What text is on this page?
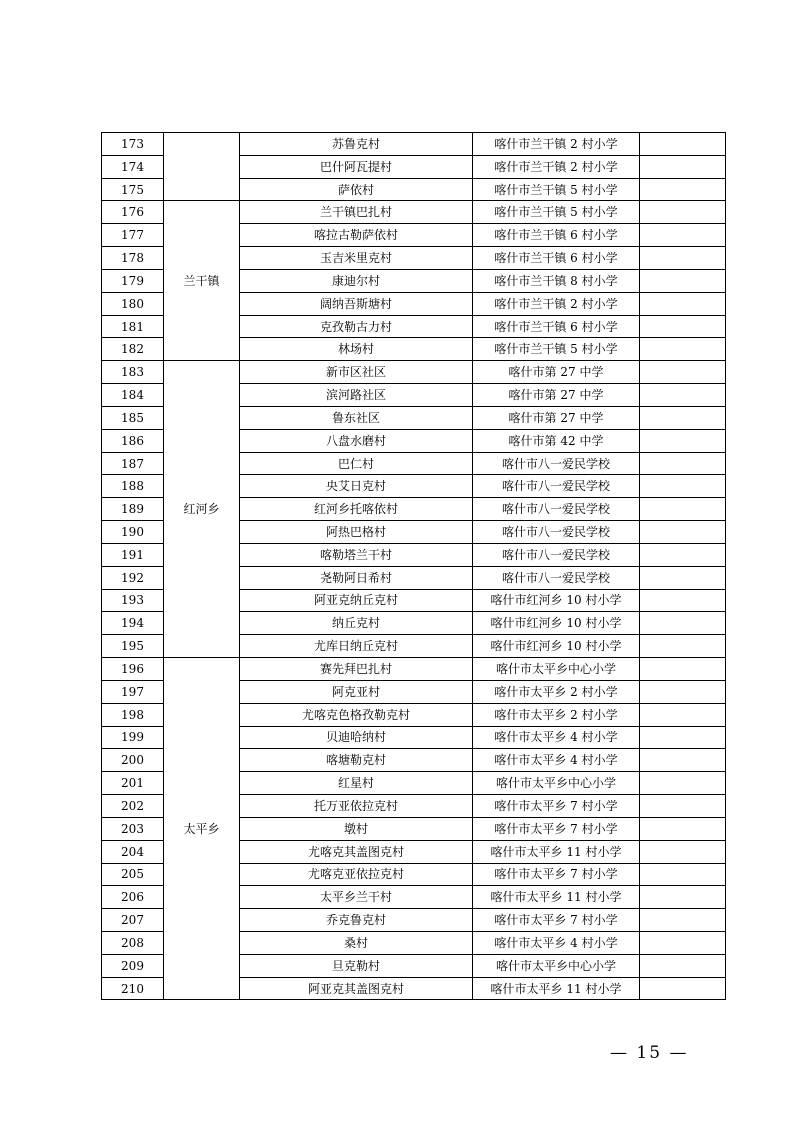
173		苏鲁克村	喀什市兰干镇 2 村小学	
174		巴什阿瓦提村	喀什市兰干镇 2 村小学	
175		萨依村	喀什市兰干镇 5 村小学	
176	兰干镇	兰干镇巴扎村	喀什市兰干镇 5 村小学	
177		喀拉古勒萨依村	喀什市兰干镇 6 村小学	
178		玉吉米里克村	喀什市兰干镇 6 村小学	
179		康迪尔村	喀什市兰干镇 8 村小学	
180		阔纳吾斯塘村	喀什市兰干镇 2 村小学	
181		克孜勒古力村	喀什市兰干镇 6 村小学	
182		林场村	喀什市兰干镇 5 村小学	
183	红河乡	新市区社区	喀什市第 27 中学	
184		滨河路社区	喀什市第 27 中学	
185		鲁东社区	喀什市第 27 中学	
186		八盘水磨村	喀什市第 42 中学	
187		巴仁村	喀什市八一爱民学校	
188		央艾日克村	喀什市八一爱民学校	
189		红河乡托喀依村	喀什市八一爱民学校	
190		阿热巴格村	喀什市八一爱民学校	
191		喀勒塔兰干村	喀什市八一爱民学校	
192		尧勒阿日希村	喀什市八一爱民学校	
193		阿亚克纳丘克村	喀什市红河乡 10 村小学	
194		纳丘克村	喀什市红河乡 10 村小学	
195		尤库日纳丘克村	喀什市红河乡 10 村小学	
196	太平乡	赛先拜巴扎村	喀什市太平乡中心小学	
197		阿克亚村	喀什市太平乡 2 村小学	
198		尤喀克色格孜勒克村	喀什市太平乡 2 村小学	
199		贝迪哈纳村	喀什市太平乡 4 村小学	
200		喀塘勒克村	喀什市太平乡 4 村小学	
201		红星村	喀什市太平乡中心小学	
202		托万亚依拉克村	喀什市太平乡 7 村小学	
203		墩村	喀什市太平乡 7 村小学	
204		尤喀克其盖图克村	喀什市太平乡 11 村小学	
205		尤喀克亚依拉克村	喀什市太平乡 7 村小学	
206		太平乡兰干村	喀什市太平乡 11 村小学	
207		乔克鲁克村	喀什市太平乡 7 村小学	
208		桑村	喀什市太平乡 4 村小学	
209		旦克勒村	喀什市太平乡中心小学	
210		阿亚克其盖图克村	喀什市太平乡 11 村小学	
— 15 —
